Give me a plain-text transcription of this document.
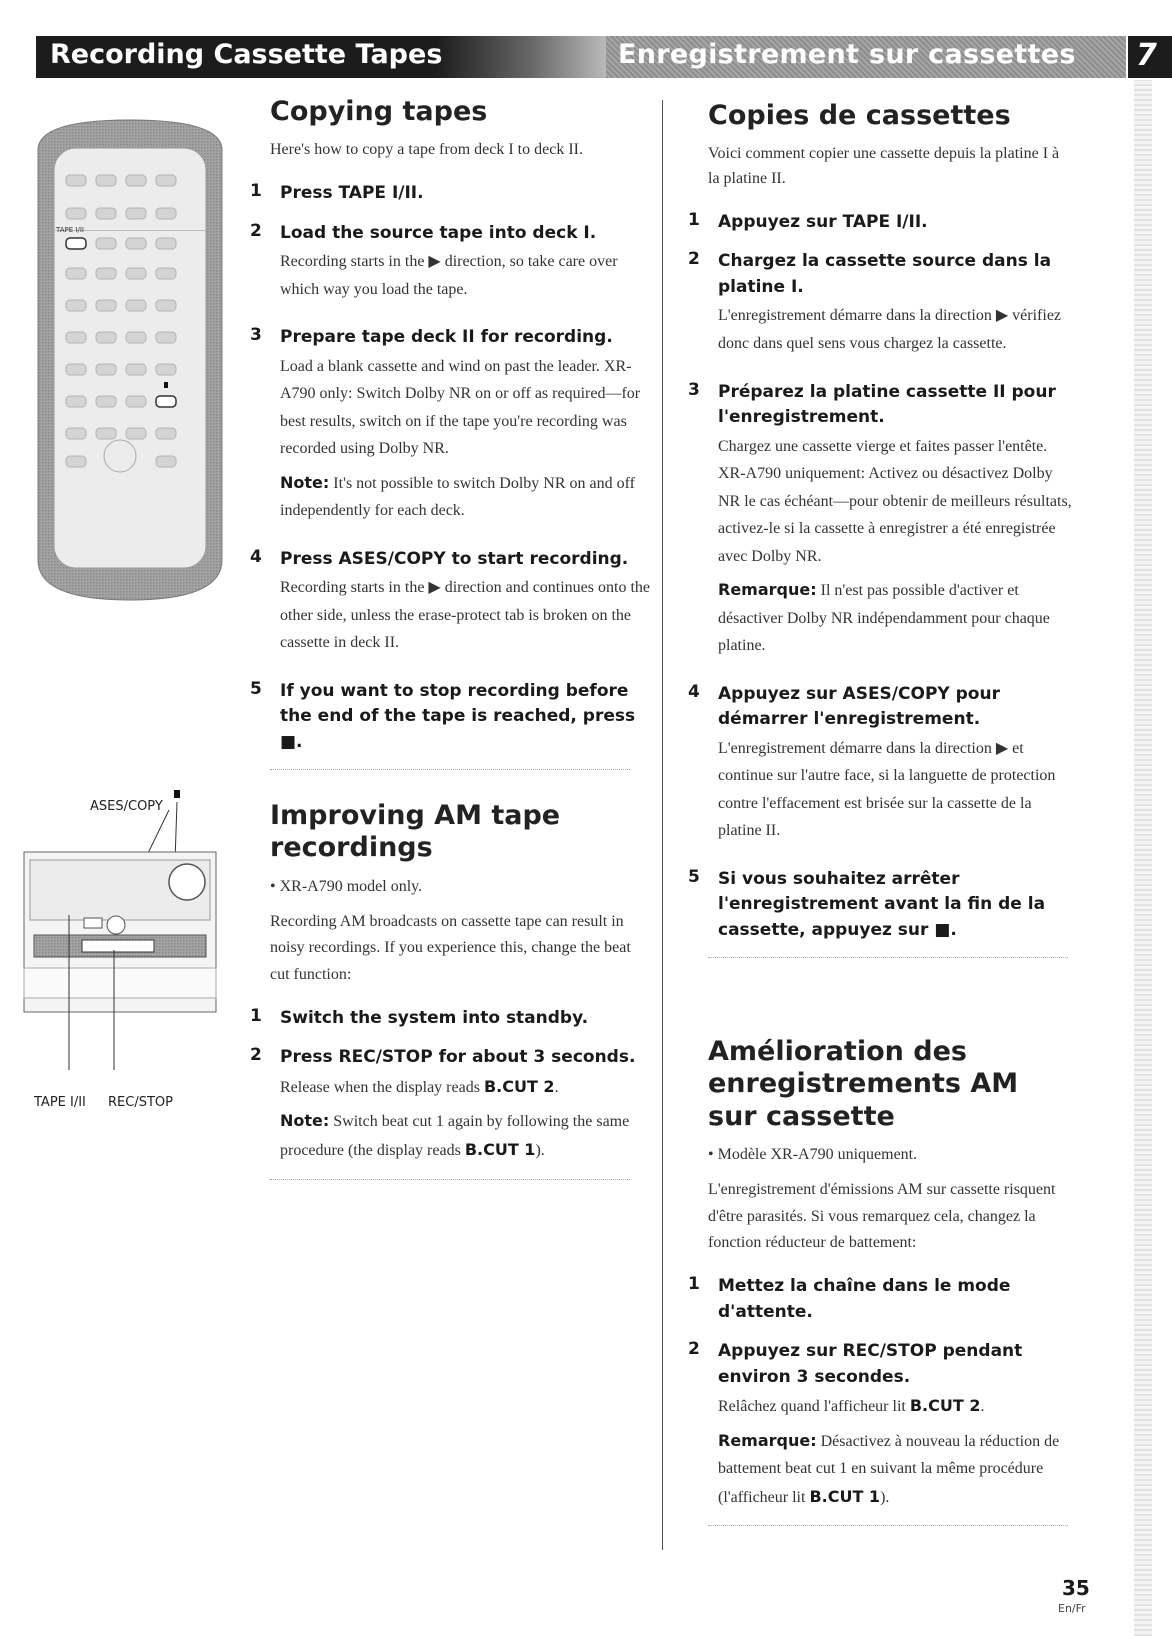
Recording Cassette Tapes	Enregistrement sur cassettes 7
TAPE I/II
ASES/COPY
TAPE I/II REC/STOP
Copying tapes

Here's how to copy a tape from deck I to deck II.

1 Press TAPE I/II.
2 Load the source tape into deck I.
Recording starts in the ▶ direction, so take care over which way you load the tape.
3 Prepare tape deck II for recording.
Load a blank cassette and wind on past the leader. XR-A790 only: Switch Dolby NR on or off as required—for best results, switch on if the tape you're recording was recorded using Dolby NR.
Note: It's not possible to switch Dolby NR on and off independently for each deck.
4 Press ASES/COPY to start recording.
Recording starts in the ▶ direction and continues onto the other side, unless the erase-protect tab is broken on the cassette in deck II.
5 If you want to stop recording before the end of the tape is reached, press ■.
Improving AM tape recordings

• XR-A790 model only.

Recording AM broadcasts on cassette tape can result in noisy recordings. If you experience this, change the beat cut function:

1 Switch the system into standby.
2 Press REC/STOP for about 3 seconds.
Release when the display reads B.CUT 2.
Note: Switch beat cut 1 again by following the same procedure (the display reads B.CUT 1).
Copies de cassettes

Voici comment copier une cassette depuis la platine I à la platine II.

1 Appuyez sur TAPE I/II.
2 Chargez la cassette source dans la platine I.
L'enregistrement démarre dans la direction ▶ vérifiez donc dans quel sens vous chargez la cassette.
3 Préparez la platine cassette II pour l'enregistrement.
Chargez une cassette vierge et faites passer l'entête. XR-A790 uniquement: Activez ou désactivez Dolby NR le cas échéant—pour obtenir de meilleurs résultats, activez-le si la cassette à enregistrer a été enregistrée avec Dolby NR.
Remarque: Il n'est pas possible d'activer et désactiver Dolby NR indépendamment pour chaque platine.
4 Appuyez sur ASES/COPY pour démarrer l'enregistrement.
L'enregistrement démarre dans la direction ▶ et continue sur l'autre face, si la languette de protection contre l'effacement est brisée sur la cassette de la platine II.
5 Si vous souhaitez arrêter l'enregistrement avant la fin de la cassette, appuyez sur ■.
Amélioration des enregistrements AM sur cassette

• Modèle XR-A790 uniquement.

L'enregistrement d'émissions AM sur cassette risquent d'être parasités. Si vous remarquez cela, changez la fonction réducteur de battement:

1 Mettez la chaîne dans le mode d'attente.
2 Appuyez sur REC/STOP pendant environ 3 secondes.
Relâchez quand l'afficheur lit B.CUT 2.
Remarque: Désactivez à nouveau la réduction de battement beat cut 1 en suivant la même procédure (l'afficheur lit B.CUT 1).
35
En/Fr
